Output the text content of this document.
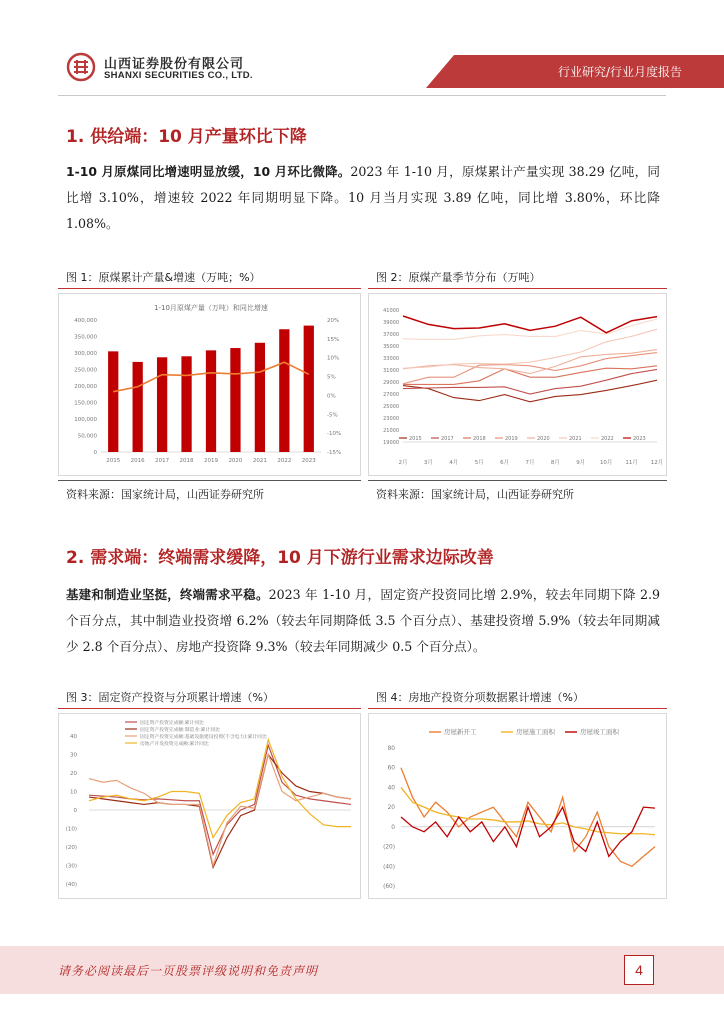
山西证券股份有限公司
SHANXI SECURITIES CO., LTD.	行业研究/行业月度报告
1. 供给端：10 月产量环比下降
1-10 月原煤同比增速明显放缓，10 月环比微降。2023 年 1-10 月，原煤累计产量实现 38.29 亿吨，同比增 3.10%，增速较 2022 年同期明显下降。10 月当月实现 3.89 亿吨，同比增 3.80%，环比降 1.08%。
图 1：原煤累计产量&增速（万吨；%）
1-10月原煤产量（万吨）和同比增速
0
50,000
100,000
150,000
200,000
250,000
300,000
350,000
400,000
-15%
-10%
-5%
0%
5%
10%
15%
20%
2015 2016 2017 2018 2019 2020 2021 2022 2023
资料来源：国家统计局，山西证券研究所
图 2：原煤产量季节分布（万吨）
19000
21000
23000
25000
27000
29000
31000
33000
35000
37000
39000
41000
2月	3月	4月	5月	6月	7月	8月	9月	10月 11月 12月
2015	2017	2018	2019	2020	2021	2022	2023
资料来源：国家统计局，山西证券研究所
2. 需求端：终端需求缓降，10 月下游行业需求边际改善
基建和制造业坚挺，终端需求平稳。2023 年 1-10 月，固定资产投资同比增 2.9%，较去年同期下降 2.9 个百分点，其中制造业投资增 6.2%（较去年同期降低 3.5 个百分点）、基建投资增 5.9%（较去年同期减少 2.8 个百分点）、房地产投资降 9.3%（较去年同期减少 0.5 个百分点）。
图 3：固定资产投资与分项累计增速（%）
40
30
20
10
0
(10)
(20)
(30)
(40)
固定资产投资完成额:累计同比
固定资产投资完成额:制造业:累计同比
固定资产投资完成额:基础设施建设投资(不含电力):累计同比
房地产开发投资完成额:累计同比
图 4：房地产投资分项数据累计增速（%）
80
60
40
20
0
(20)
(40)
(60)
房屋新开工	房屋施工面积	房屋竣工面积
请务必阅读最后一页股票评级说明和免责声明	4
